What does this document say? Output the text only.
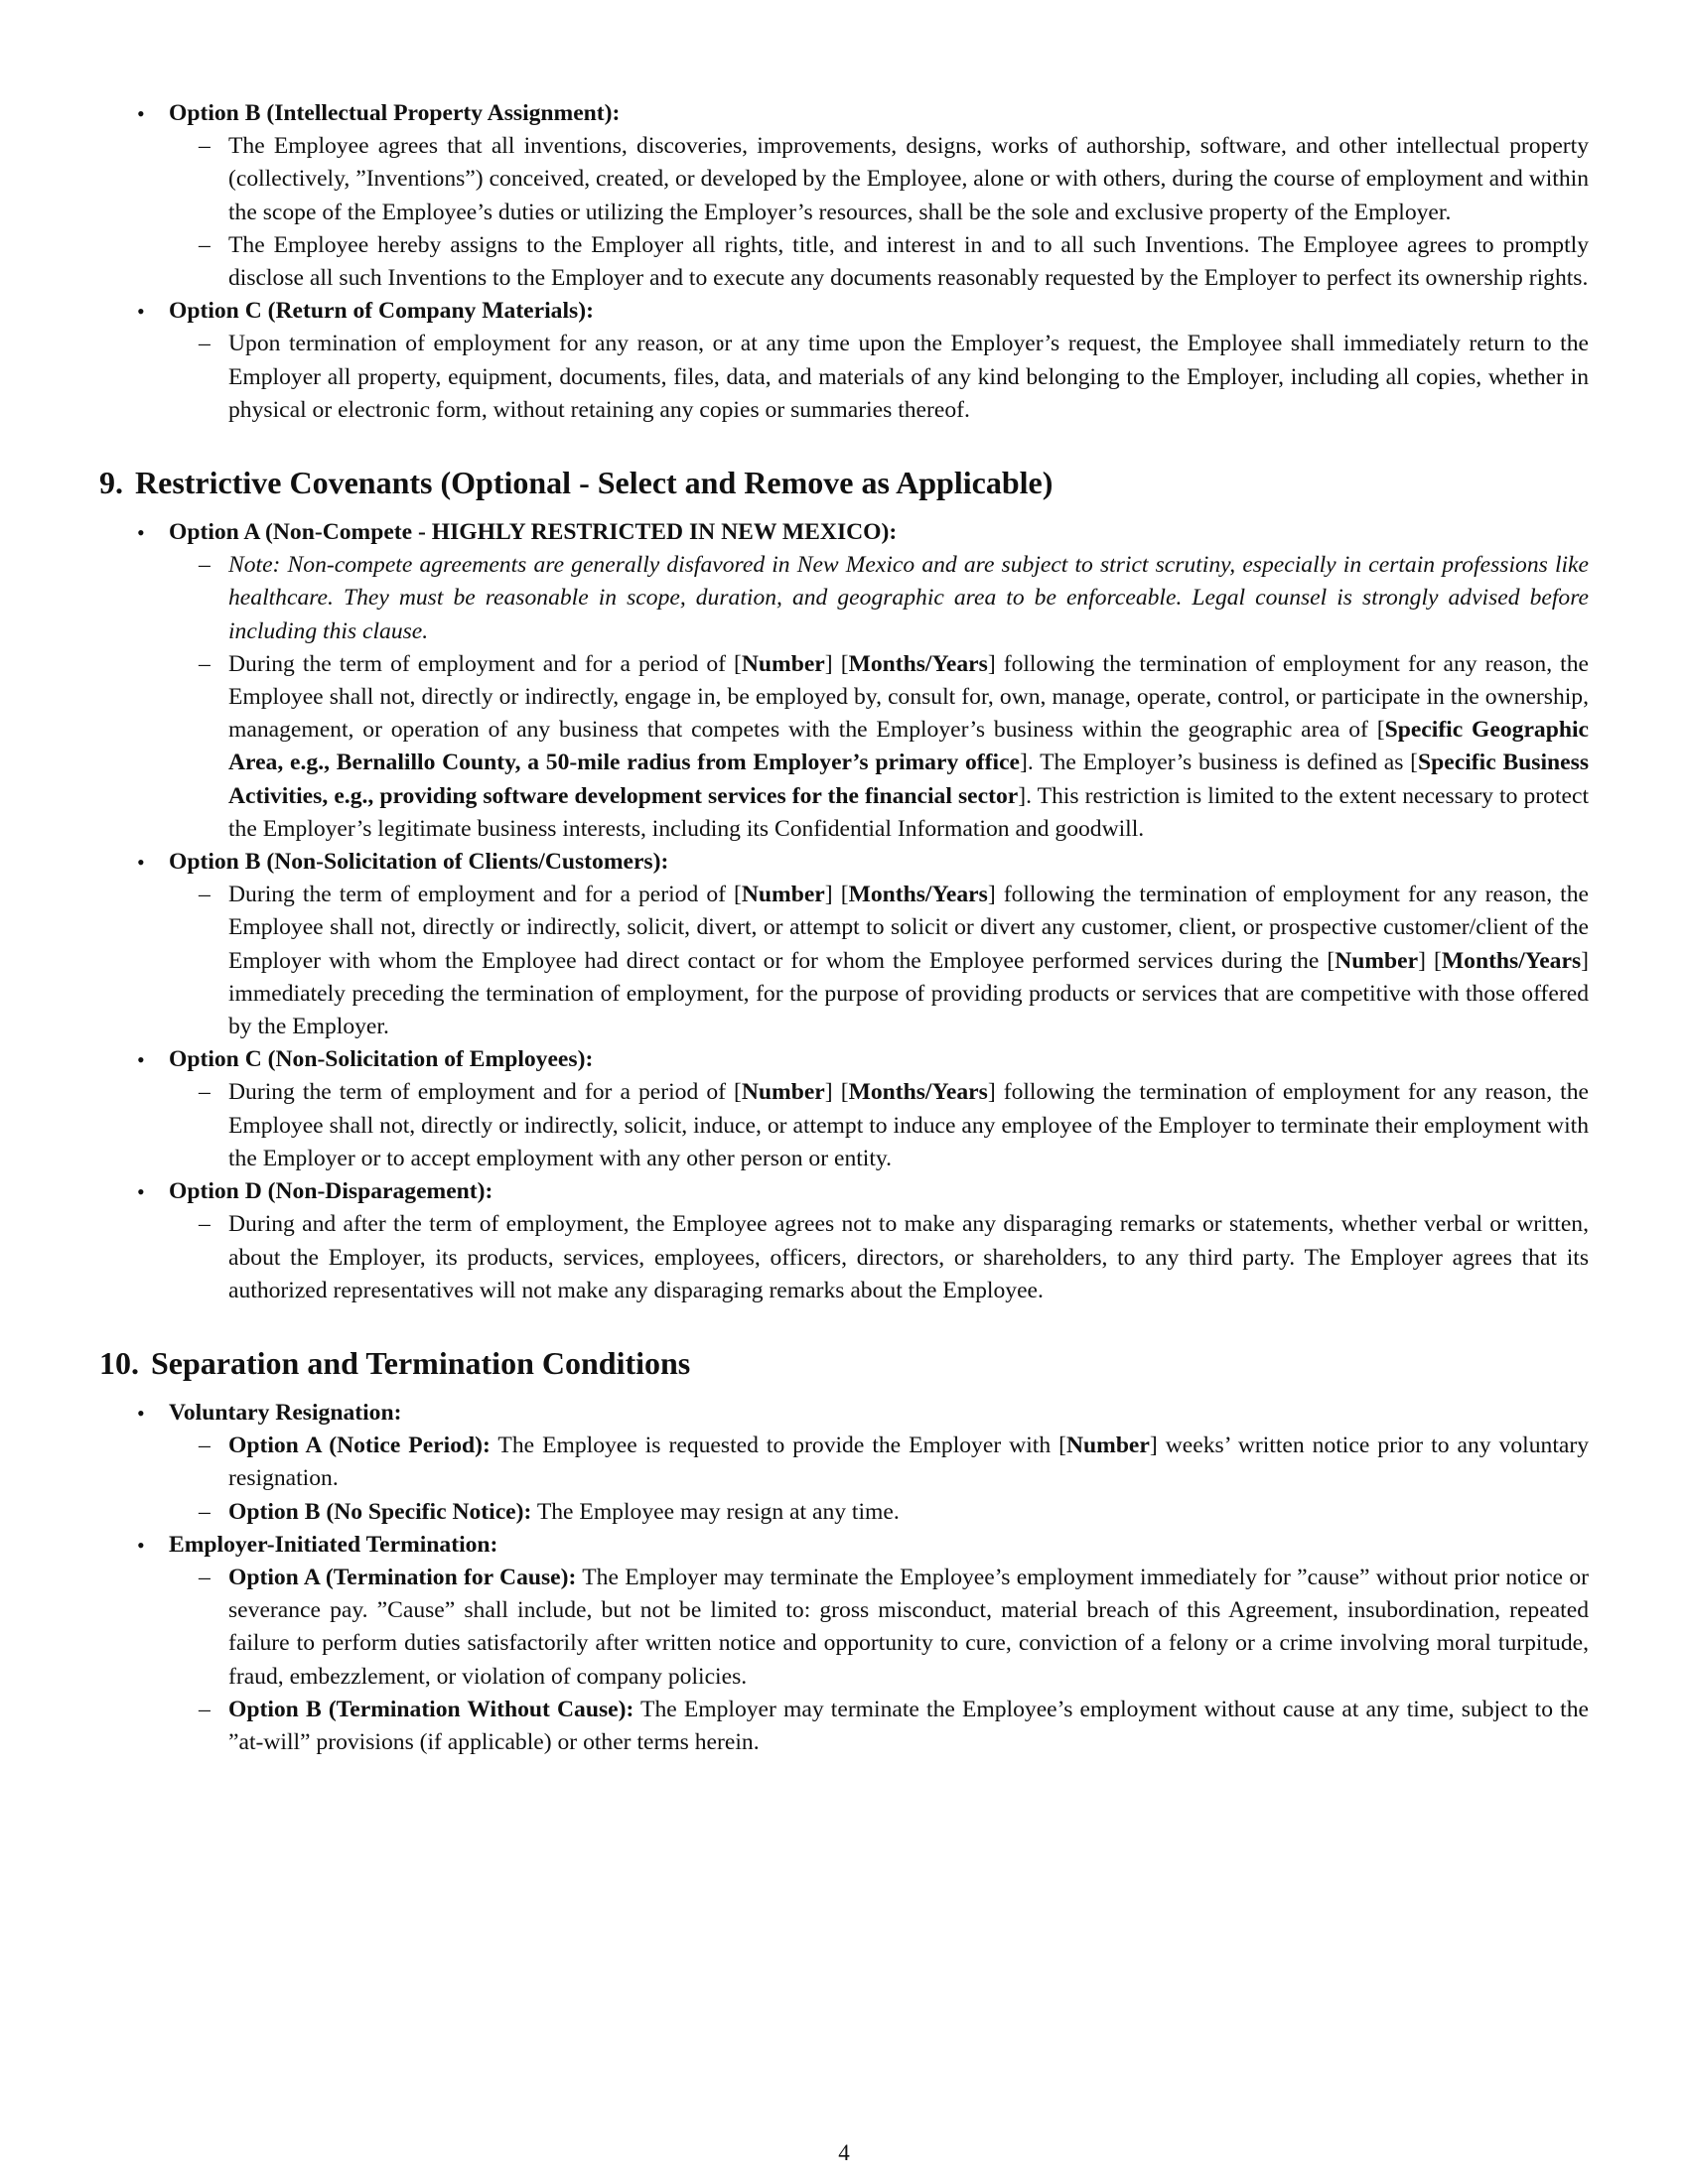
• Option B (Intellectual Property Assignment):
– The Employee agrees that all inventions, discoveries, improvements, designs, works of authorship, software, and other intellectual property (collectively, ”Inventions”) conceived, created, or developed by the Employee, alone or with others, during the course of employment and within the scope of the Employee’s duties or utilizing the Employer’s resources, shall be the sole and exclusive property of the Employer.
– The Employee hereby assigns to the Employer all rights, title, and interest in and to all such Inventions. The Employee agrees to promptly disclose all such Inventions to the Employer and to execute any documents reasonably requested by the Employer to perfect its ownership rights.
• Option C (Return of Company Materials):
– Upon termination of employment for any reason, or at any time upon the Employer’s request, the Employee shall immediately return to the Employer all property, equipment, documents, files, data, and materials of any kind belonging to the Employer, including all copies, whether in physical or electronic form, without retaining any copies or summaries thereof.
9. Restrictive Covenants (Optional - Select and Remove as Applicable)
• Option A (Non-Compete - HIGHLY RESTRICTED IN NEW MEXICO):
– Note: Non-compete agreements are generally disfavored in New Mexico and are subject to strict scrutiny, especially in certain professions like healthcare. They must be reasonable in scope, duration, and geographic area to be enforceable. Legal counsel is strongly advised before including this clause.
– During the term of employment and for a period of [Number] [Months/Years] following the termination of employment for any reason, the Employee shall not, directly or indirectly, engage in, be employed by, consult for, own, manage, operate, control, or participate in the ownership, management, or operation of any business that competes with the Employer’s business within the geographic area of [Specific Geographic Area, e.g., Bernalillo County, a 50-mile radius from Employer’s primary office]. The Employer’s business is defined as [Specific Business Activities, e.g., providing software development services for the financial sector]. This restriction is limited to the extent necessary to protect the Employer’s legitimate business interests, including its Confidential Information and goodwill.
• Option B (Non-Solicitation of Clients/Customers):
– During the term of employment and for a period of [Number] [Months/Years] following the termination of employment for any reason, the Employee shall not, directly or indirectly, solicit, divert, or attempt to solicit or divert any customer, client, or prospective customer/client of the Employer with whom the Employee had direct contact or for whom the Employee performed services during the [Number] [Months/Years] immediately preceding the termination of employment, for the purpose of providing products or services that are competitive with those offered by the Employer.
• Option C (Non-Solicitation of Employees):
– During the term of employment and for a period of [Number] [Months/Years] following the termination of employment for any reason, the Employee shall not, directly or indirectly, solicit, induce, or attempt to induce any employee of the Employer to terminate their employment with the Employer or to accept employment with any other person or entity.
• Option D (Non-Disparagement):
– During and after the term of employment, the Employee agrees not to make any disparaging remarks or statements, whether verbal or written, about the Employer, its products, services, employees, officers, directors, or shareholders, to any third party. The Employer agrees that its authorized representatives will not make any disparaging remarks about the Employee.
10. Separation and Termination Conditions
• Voluntary Resignation:
– Option A (Notice Period): The Employee is requested to provide the Employer with [Number] weeks’ written notice prior to any voluntary resignation.
– Option B (No Specific Notice): The Employee may resign at any time.
• Employer-Initiated Termination:
– Option A (Termination for Cause): The Employer may terminate the Employee’s employment immediately for ”cause” without prior notice or severance pay. ”Cause” shall include, but not be limited to: gross misconduct, material breach of this Agreement, insubordination, repeated failure to perform duties satisfactorily after written notice and opportunity to cure, conviction of a felony or a crime involving moral turpitude, fraud, embezzlement, or violation of company policies.
– Option B (Termination Without Cause): The Employer may terminate the Employee’s employment without cause at any time, subject to the ”at-will” provisions (if applicable) or other terms herein.
4
